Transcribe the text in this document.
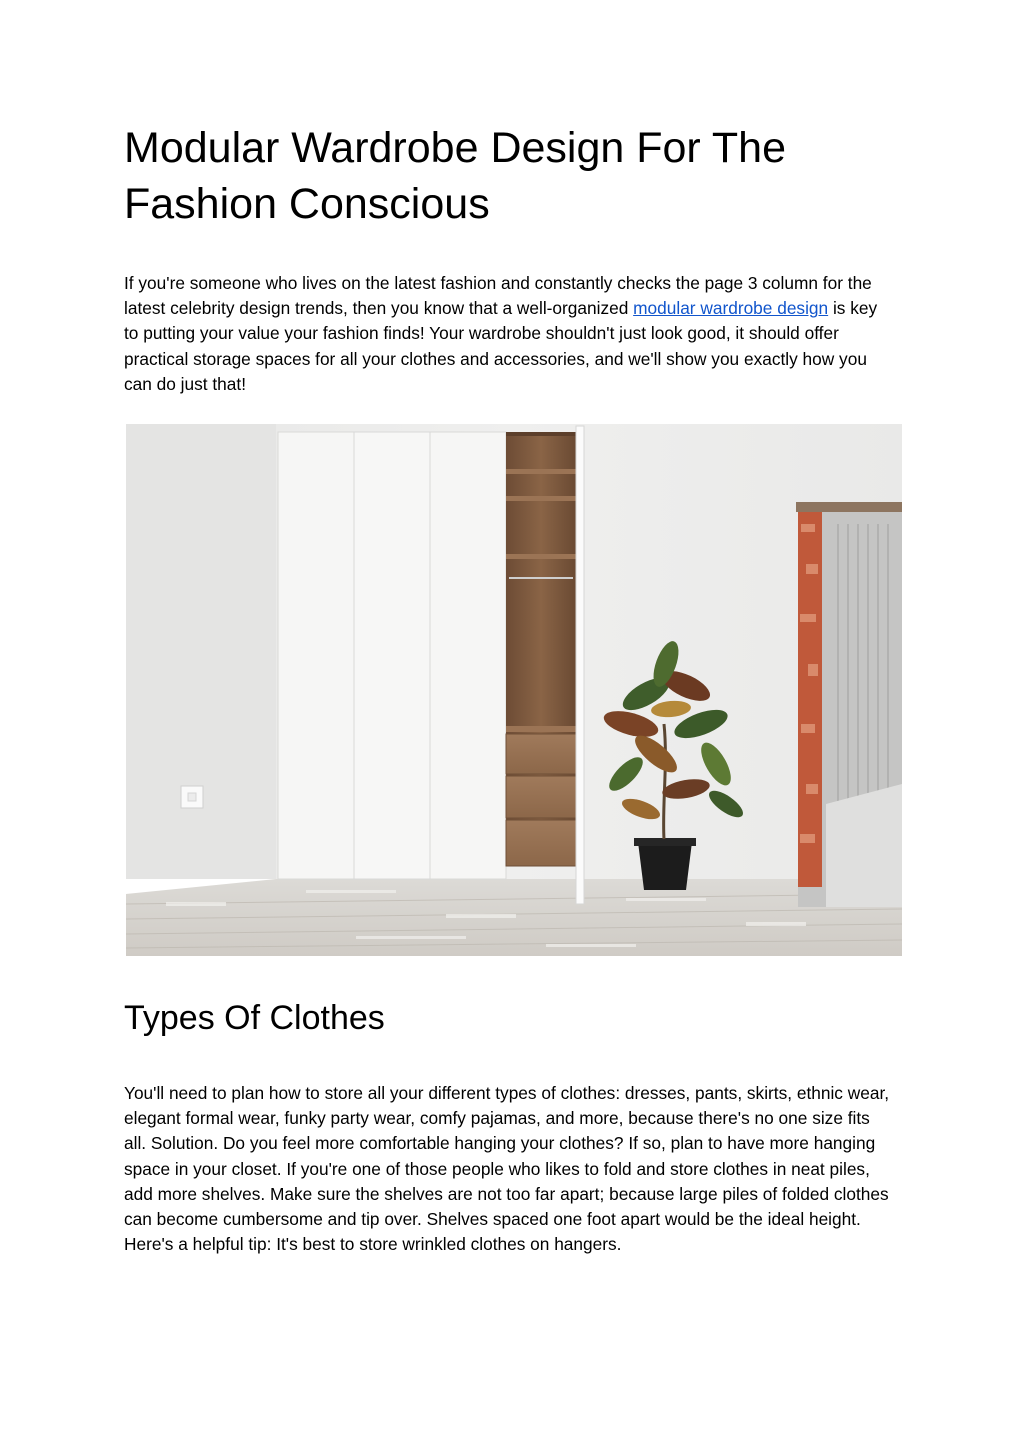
Modular Wardrobe Design For The Fashion Conscious

If you're someone who lives on the latest fashion and constantly checks the page 3 column for the latest celebrity design trends, then you know that a well-organized modular wardrobe design is key to putting your value your fashion finds! Your wardrobe shouldn't just look good, it should offer practical storage spaces for all your clothes and accessories, and we'll show you exactly how you can do just that!

Types Of Clothes

You'll need to plan how to store all your different types of clothes: dresses, pants, skirts, ethnic wear, elegant formal wear, funky party wear, comfy pajamas, and more, because there's no one size fits all. Solution. Do you feel more comfortable hanging your clothes? If so, plan to have more hanging space in your closet. If you're one of those people who likes to fold and store clothes in neat piles, add more shelves. Make sure the shelves are not too far apart; because large piles of folded clothes can become cumbersome and tip over. Shelves spaced one foot apart would be the ideal height. Here's a helpful tip: It's best to store wrinkled clothes on hangers.
